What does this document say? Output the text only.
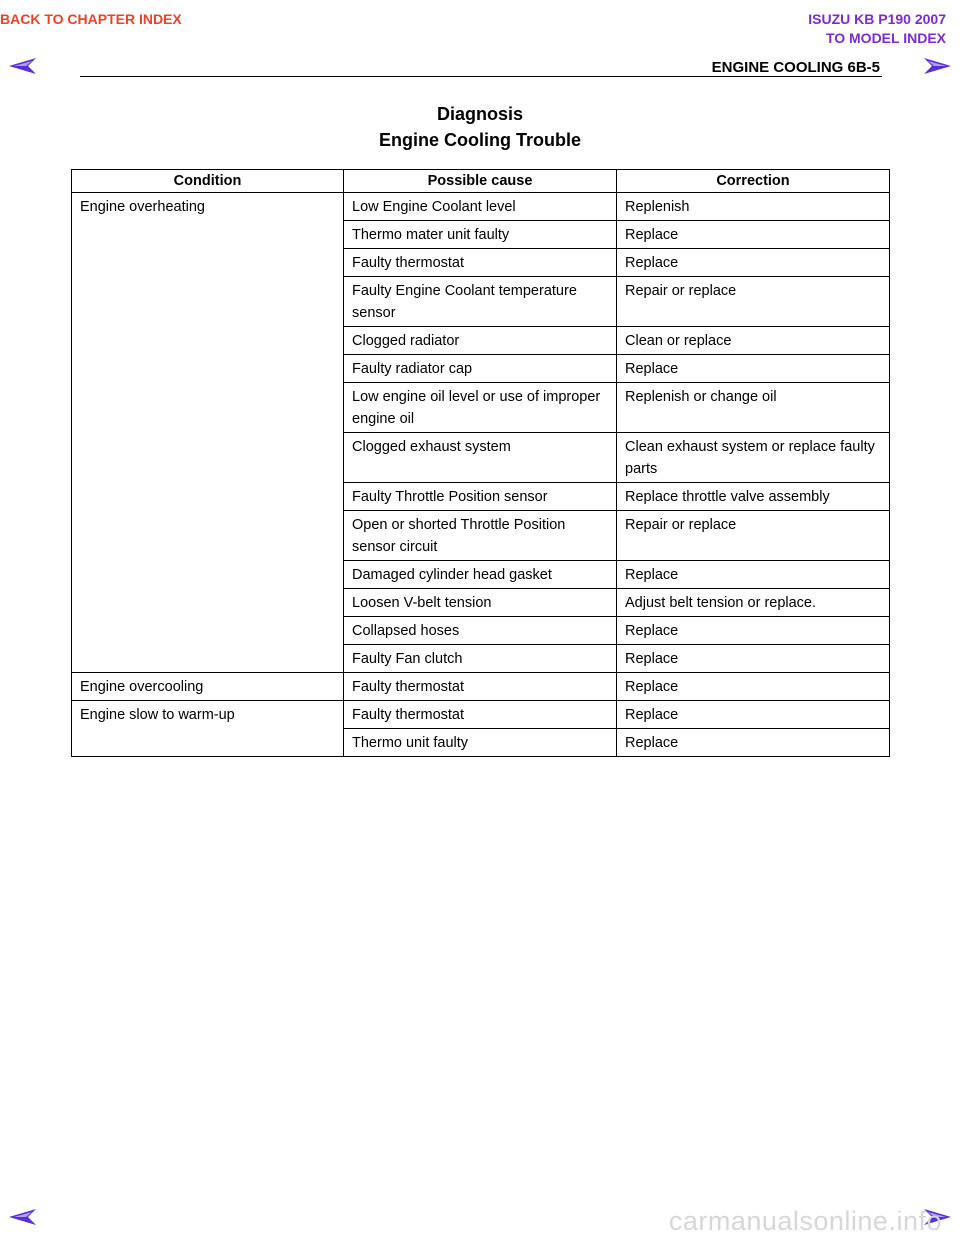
BACK TO CHAPTER INDEX	ISUZU KB P190 2007
TO MODEL INDEX
ENGINE COOLING 6B-5
Diagnosis
Engine Cooling Trouble
Condition	Possible cause	Correction
Engine overheating	Low Engine Coolant level	Replenish
	Thermo mater unit faulty	Replace
	Faulty thermostat	Replace
	Faulty Engine Coolant temperature sensor	Repair or replace
	Clogged radiator	Clean or replace
	Faulty radiator cap	Replace
	Low engine oil level or use of improper engine oil	Replenish or change oil
	Clogged exhaust system	Clean exhaust system or replace faulty parts
	Faulty Throttle Position sensor	Replace throttle valve assembly
	Open or shorted Throttle Position sensor circuit	Repair or replace
	Damaged cylinder head gasket	Replace
	Loosen V-belt tension	Adjust belt tension or replace.
	Collapsed hoses	Replace
	Faulty Fan clutch	Replace
Engine overcooling	Faulty thermostat	Replace
Engine slow to warm-up	Faulty thermostat	Replace
	Thermo unit faulty	Replace
carmanualsonline.info
